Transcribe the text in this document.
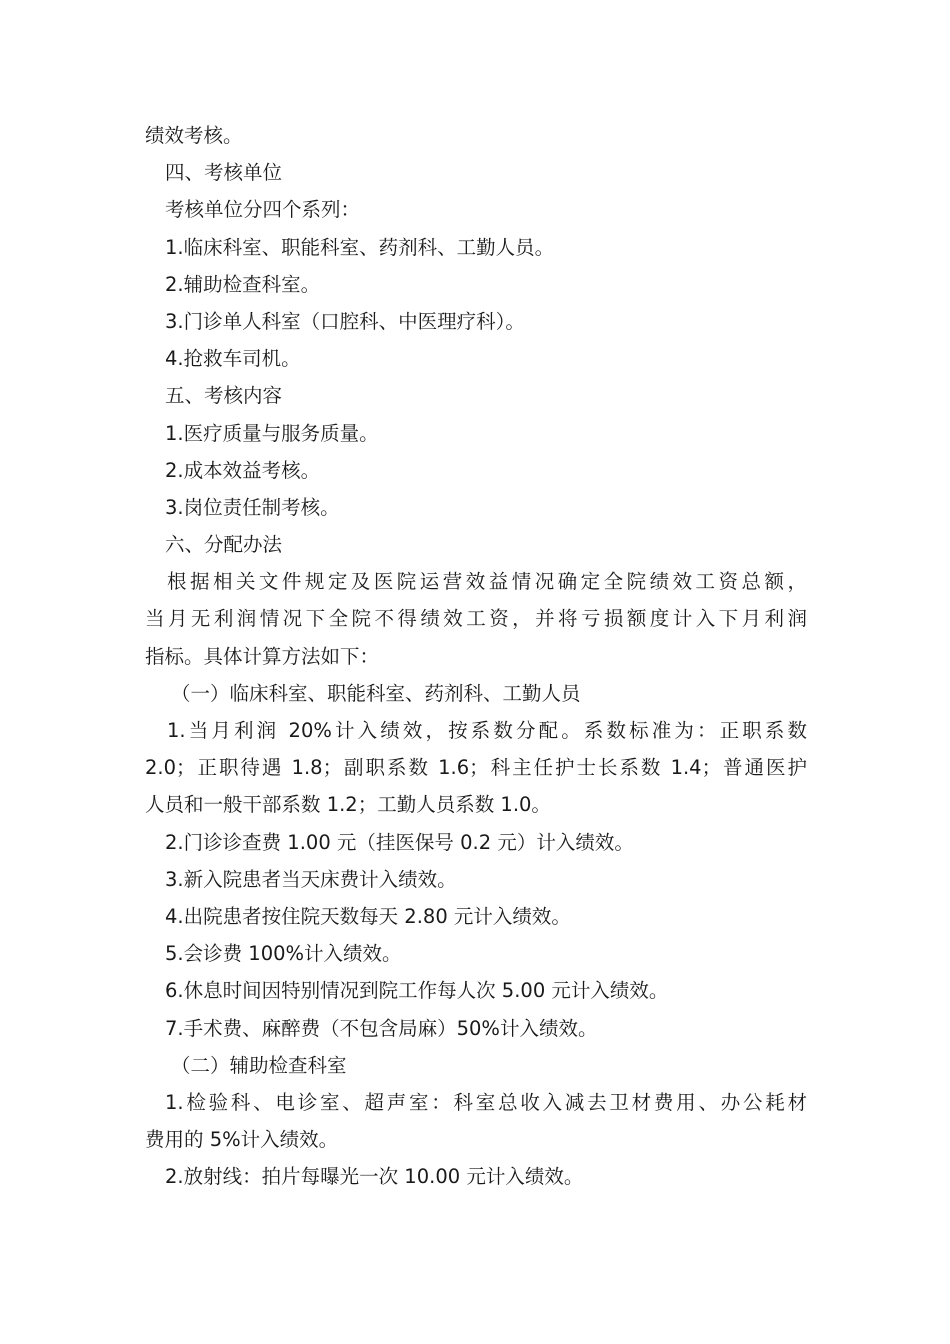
绩效考核。
四、考核单位
考核单位分四个系列：
1.临床科室、职能科室、药剂科、工勤人员。
2.辅助检查科室。
3.门诊单人科室（口腔科、中医理疗科）。
4.抢救车司机。
五、考核内容
1.医疗质量与服务质量。
2.成本效益考核。
3.岗位责任制考核。
六、分配办法
根据相关文件规定及医院运营效益情况确定全院绩效工资总额，
当月无利润情况下全院不得绩效工资，并将亏损额度计入下月利润
指标。具体计算方法如下：
（一）临床科室、职能科室、药剂科、工勤人员
1.当月利润 20%计入绩效，按系数分配。系数标准为：正职系数
2.0；正职待遇 1.8；副职系数 1.6；科主任护士长系数 1.4；普通医护
人员和一般干部系数 1.2；工勤人员系数 1.0。
2.门诊诊查费 1.00 元（挂医保号 0.2 元）计入绩效。
3.新入院患者当天床费计入绩效。
4.出院患者按住院天数每天 2.80 元计入绩效。
5.会诊费 100%计入绩效。
6.休息时间因特别情况到院工作每人次 5.00 元计入绩效。
7.手术费、麻醉费（不包含局麻）50%计入绩效。
（二）辅助检查科室
1.检验科、电诊室、超声室：科室总收入减去卫材费用、办公耗材
费用的 5%计入绩效。
2.放射线：拍片每曝光一次 10.00 元计入绩效。
